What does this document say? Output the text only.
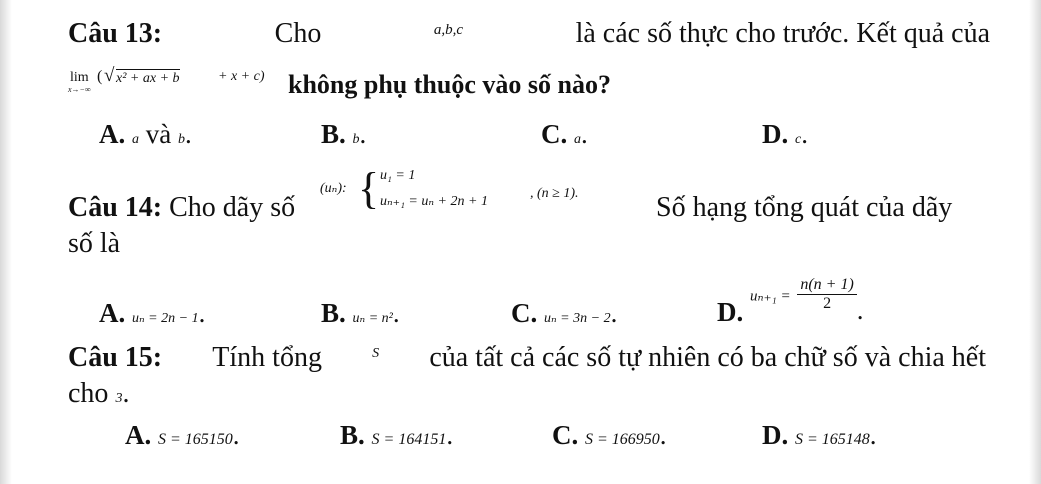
Câu 13:	Cho	a,b,c	là các số thực cho trước. Kết quả của
lim
x→−∞
( √ x² + ax + b	+ x + c) không phụ thuộc vào số nào?
A. a và b.	B. b.	C. a.	D. c.
Câu 14: Cho dãy số
(uₙ): { u₁ = 1
uₙ₊₁ = uₙ + 2n + 1
, (n ≥ 1).	Số hạng tổng quát của dãy
số là
A. uₙ = 2n − 1.	B. uₙ = n².	C. uₙ = 3n − 2.	D. $u_{n+1} = \frac{n(n + 1)}{2}$ .
Câu 15: Tính tổng	S của tất cả các số tự nhiên có ba chữ số và chia hết
cho 3.
A. S = 165150.	B. S = 164151.	C. S = 166950.	D. S = 165148.
